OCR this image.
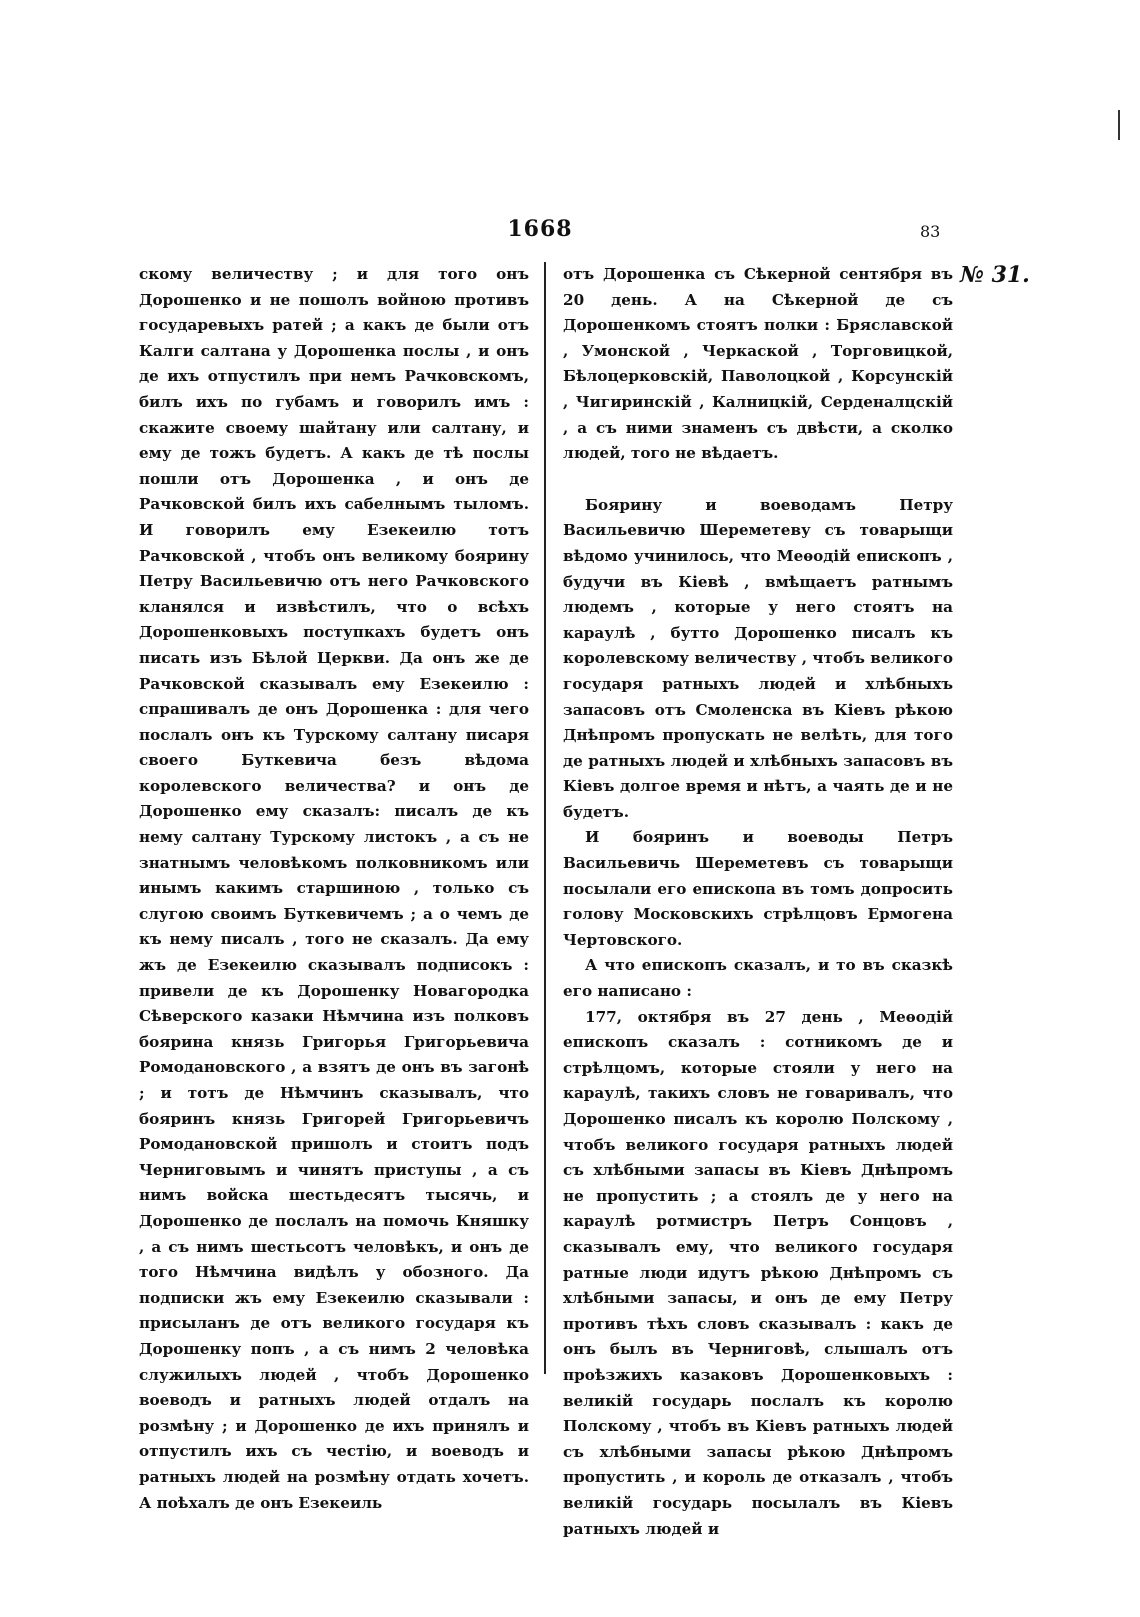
1668	83
№ 31.

скому величеству ; и для того онъ Дорошенко и не пошолъ войною противъ государевыхъ ратей ; а какъ де были отъ Калги салтана у Дорошенка послы , и онъ де ихъ отпустилъ при немъ Рачковскомъ, билъ ихъ по губамъ и говорилъ имъ : скажите своему шайтану или салтану, и ему де тожъ будетъ. А какъ де тѣ послы пошли отъ Дорошенка , и онъ де Рачковской билъ ихъ сабелнымъ тыломъ. И говорилъ ему Езекеилю тотъ Рачковской , чтобъ онъ великому боярину Петру Васильевичю отъ него Рачковского кланялся и извѣстилъ, что о всѣхъ Дорошенковыхъ поступкахъ будетъ онъ писать изъ Бѣлой Церкви. Да онъ же де Рачковской сказывалъ ему Езекеилю : спрашивалъ де онъ Дорошенка : для чего послалъ онъ къ Турскому салтану писаря своего Буткевича безъ вѣдома королевского величества? и онъ де Дорошенко ему сказалъ: писалъ де къ нему салтану Турскому листокъ , а съ не знатнымъ человѣкомъ полковникомъ или инымъ какимъ старшиною , только съ слугою своимъ Буткевичемъ ; а о чемъ де къ нему писалъ , того не сказалъ. Да ему жъ де Езекеилю сказывалъ подписокъ : привели де къ Дорошенку Новагородка Сѣверского казаки Нѣмчина изъ полковъ боярина князь Григорья Григорьевича Ромодановского , а взятъ де онъ въ загонѣ ; и тотъ де Нѣмчинъ сказывалъ, что бояринъ князь Григорей Григорьевичъ Ромодановской пришолъ и стоитъ подъ Черниговымъ и чинятъ приступы , а съ нимъ войска шестьдесятъ тысячь, и Дорошенко де послалъ на помочь Княшку , а съ нимъ шестьсотъ человѣкъ, и онъ де того Нѣмчина видѣлъ у обозного. Да подписки жъ ему Езекеилю сказывали : присыланъ де отъ великого государя къ Дорошенку попъ , а съ нимъ 2 человѣка служилыхъ людей , чтобъ Дорошенко воеводъ и ратныхъ людей отдалъ на розмѣну ; и Дорошенко де ихъ принялъ и отпустилъ ихъ съ честію, и воеводъ и ратныхъ людей на розмѣну отдать хочетъ. А поѣхалъ де онъ Езекеиль

отъ Дорошенка съ Сѣкерной сентября въ 20 день. А на Сѣкерной де съ Дорошенкомъ стоятъ полки : Бряславской , Умонской , Черкаской , Торговицкой, Бѣлоцерковскій, Паволоцкой , Корсунскій , Чигиринскій , Калницкій, Серденалцскій , а съ ними знаменъ съ двѣсти, а сколко людей, того не вѣдаетъ.

Боярину и воеводамъ Петру Васильевичю Шереметеву съ товарыщи вѣдомо учинилось, что Меѳодій епископъ , будучи въ Кіевѣ , вмѣщаетъ ратнымъ людемъ , которые у него стоятъ на караулѣ , бутто Дорошенко писалъ къ королевскому величеству , чтобъ великого государя ратныхъ людей и хлѣбныхъ запасовъ отъ Смоленска въ Кіевъ рѣкою Днѣпромъ пропускать не велѣть, для того де ратныхъ людей и хлѣбныхъ запасовъ въ Кіевъ долгое время и нѣтъ, а чаять де и не будетъ.

И бояринъ и воеводы Петръ Васильевичь Шереметевъ съ товарыщи посылали его епископа въ томъ допросить голову Московскихъ стрѣлцовъ Ермогена Чертовского.

А что епископъ сказалъ, и то въ сказкѣ его написано :

177, октября въ 27 день , Меѳодій епископъ сказалъ : сотникомъ де и стрѣлцомъ, которые стояли у него на караулѣ, такихъ словъ не говаривалъ, что Дорошенко писалъ къ королю Полскому , чтобъ великого государя ратныхъ людей съ хлѣбными запасы въ Кіевъ Днѣпромъ не пропустить ; а стоялъ де у него на караулѣ ротмистръ Петръ Сонцовъ , сказывалъ ему, что великого государя ратные люди идутъ рѣкою Днѣпромъ съ хлѣбными запасы, и онъ де ему Петру противъ тѣхъ словъ сказывалъ : какъ де онъ былъ въ Черниговѣ, слышалъ отъ проѣзжихъ казаковъ Дорошенковыхъ : великій государь послалъ къ королю Полскому , чтобъ въ Кіевъ ратныхъ людей съ хлѣбными запасы рѣкою Днѣпромъ пропустить , и король де отказалъ , чтобъ великій государь посылалъ въ Кіевъ ратныхъ людей и
